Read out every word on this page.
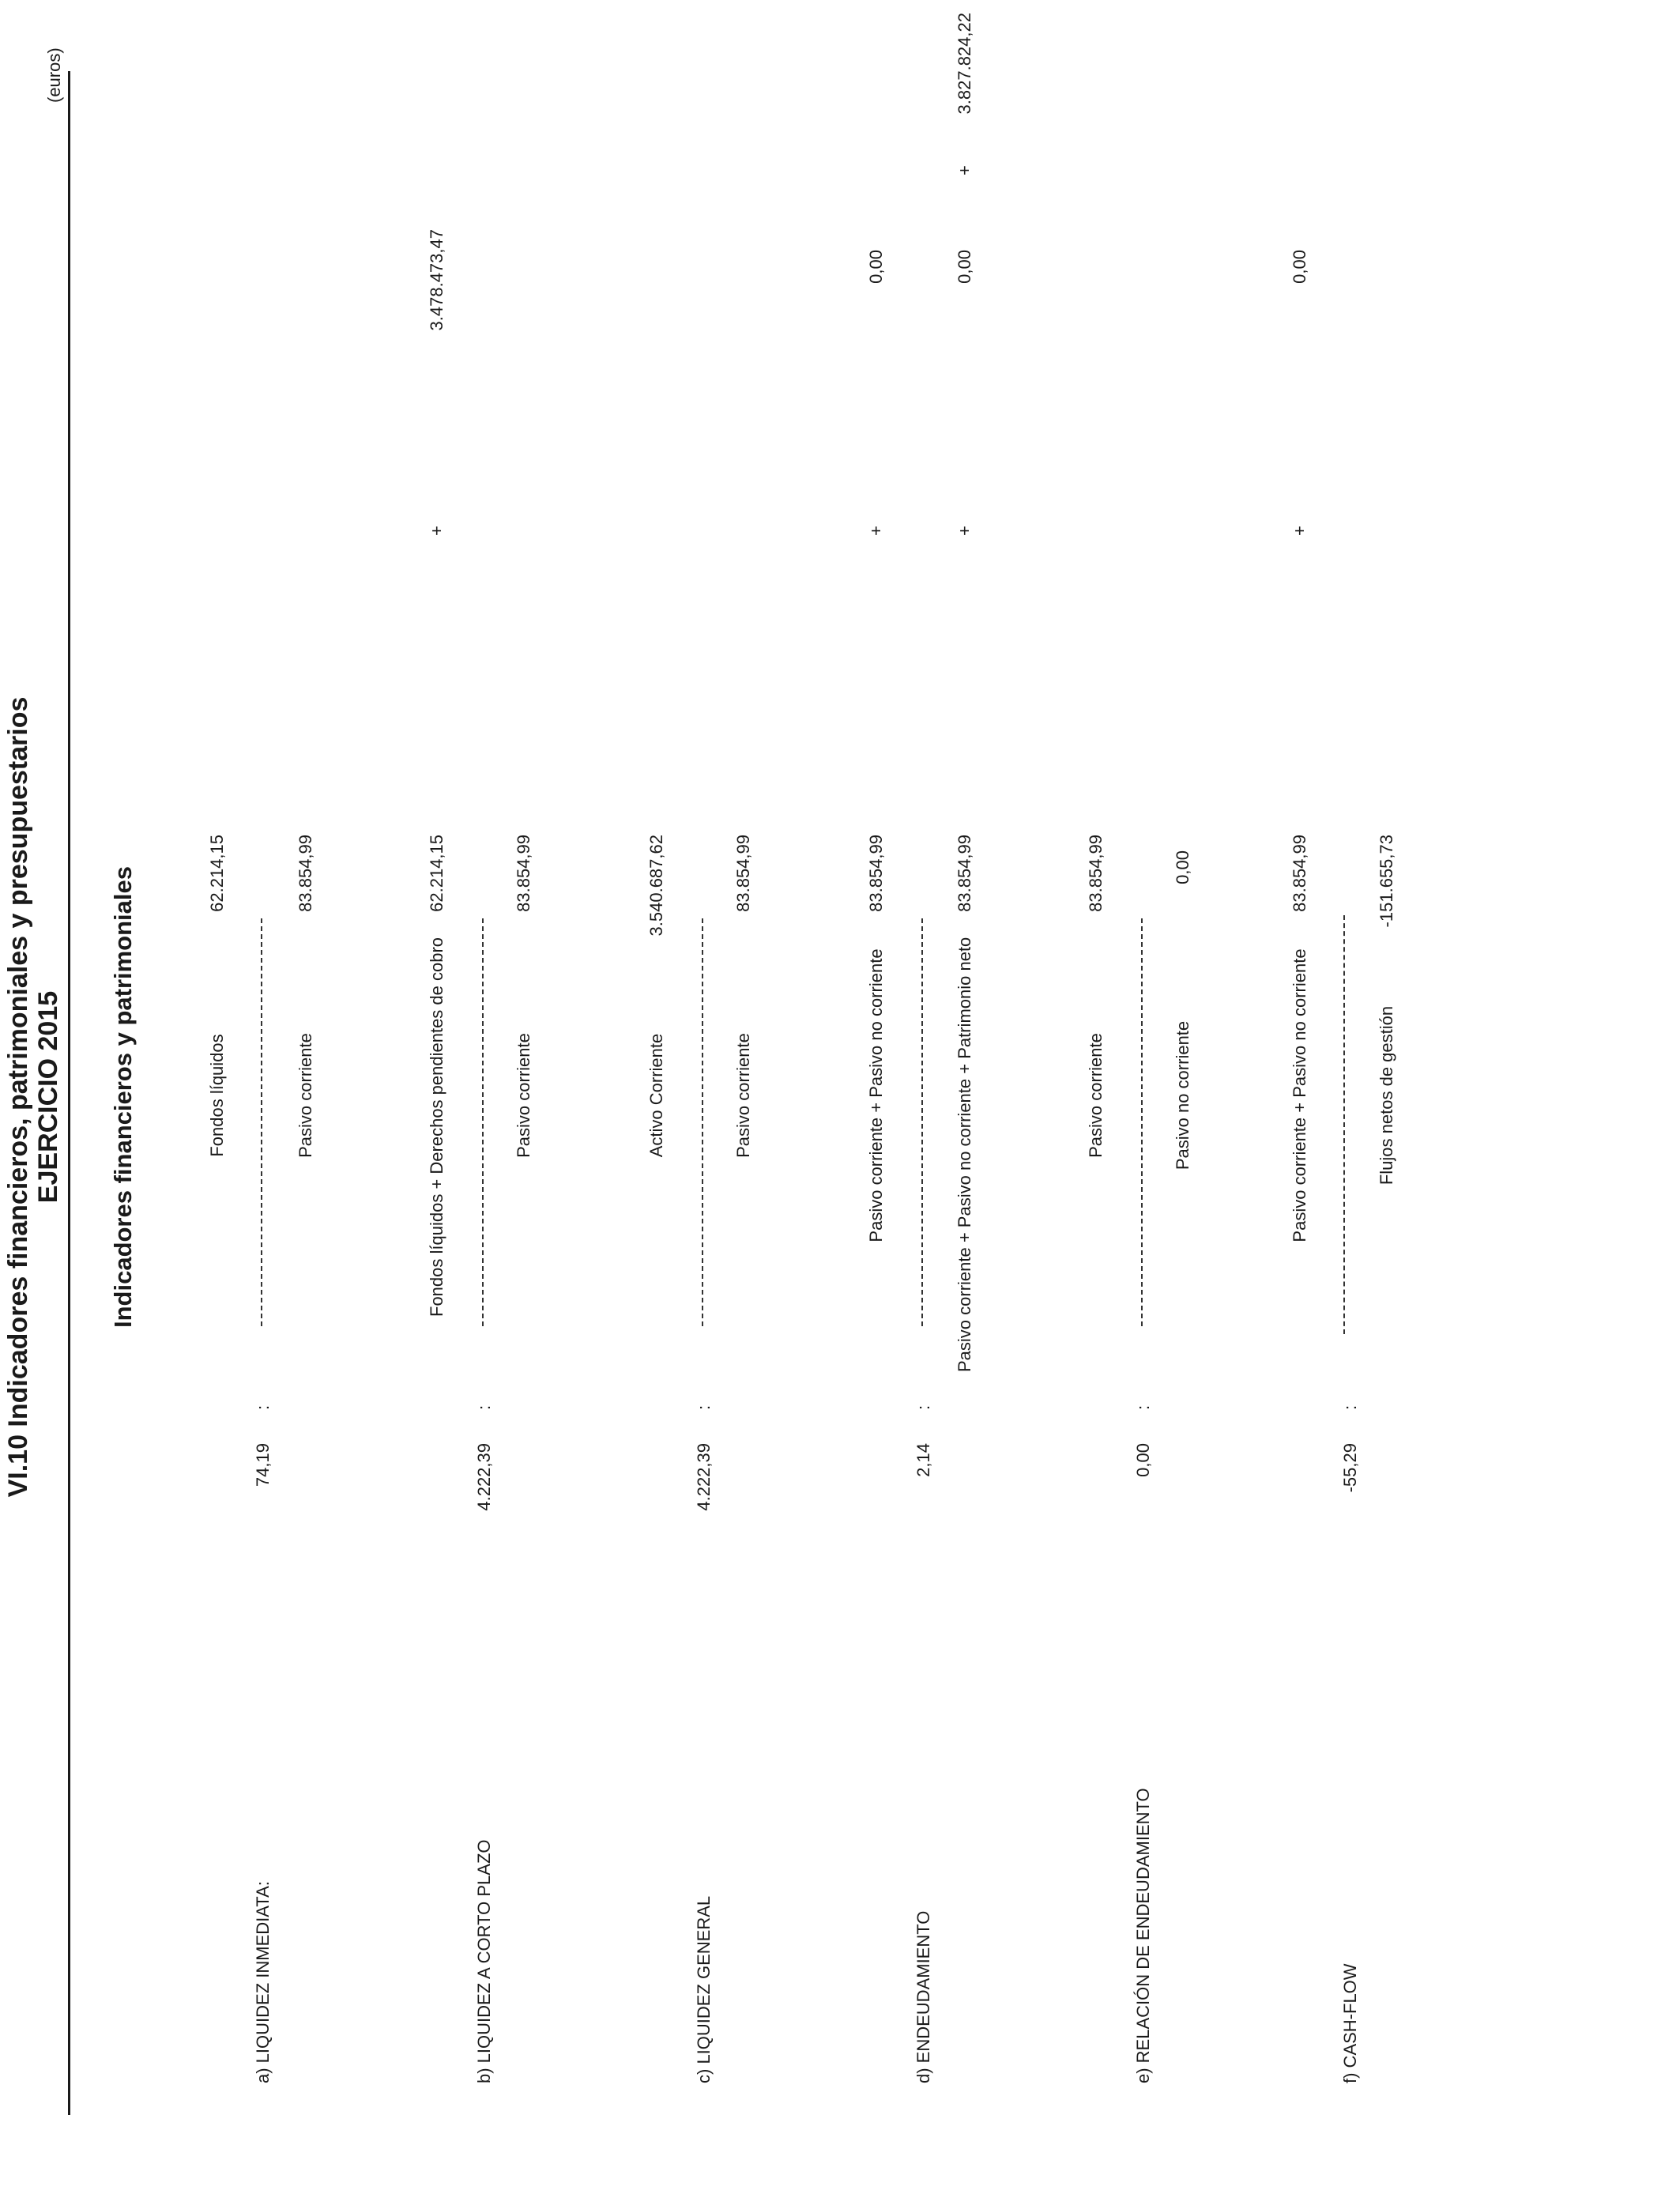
VI.10 Indicadores financieros, patrimoniales y presupuestarios EJERCICIO 2015
(euros)
Indicadores financieros y patrimoniales
a) LIQUIDEZ INMEDIATA:
74,19
:
Fondos líquidos
62.214,15
Pasivo corriente
83.854,99
b) LIQUIDEZ A CORTO PLAZO
4.222,39
:
Fondos líquidos + Derechos pendientes de cobro
62.214,15
+
3.478.473,47
Pasivo corriente
83.854,99
c) LIQUIDEZ GENERAL
4.222,39
:
Activo Corriente
3.540.687,62
Pasivo corriente
83.854,99
d) ENDEUDAMIENTO
2,14
:
Pasivo corriente + Pasivo no corriente
83.854,99
+
0,00
Pasivo corriente + Pasivo no corriente + Patrimonio neto
83.854,99
+
0,00
+
3.827.824,22
e) RELACIÓN DE ENDEUDAMIENTO
0,00
:
Pasivo corriente
83.854,99
Pasivo no corriente
0,00
f) CASH-FLOW
-55,29
:
Pasivo corriente + Pasivo no corriente
83.854,99
+
0,00
Flujos netos de gestión
-151.655,73
